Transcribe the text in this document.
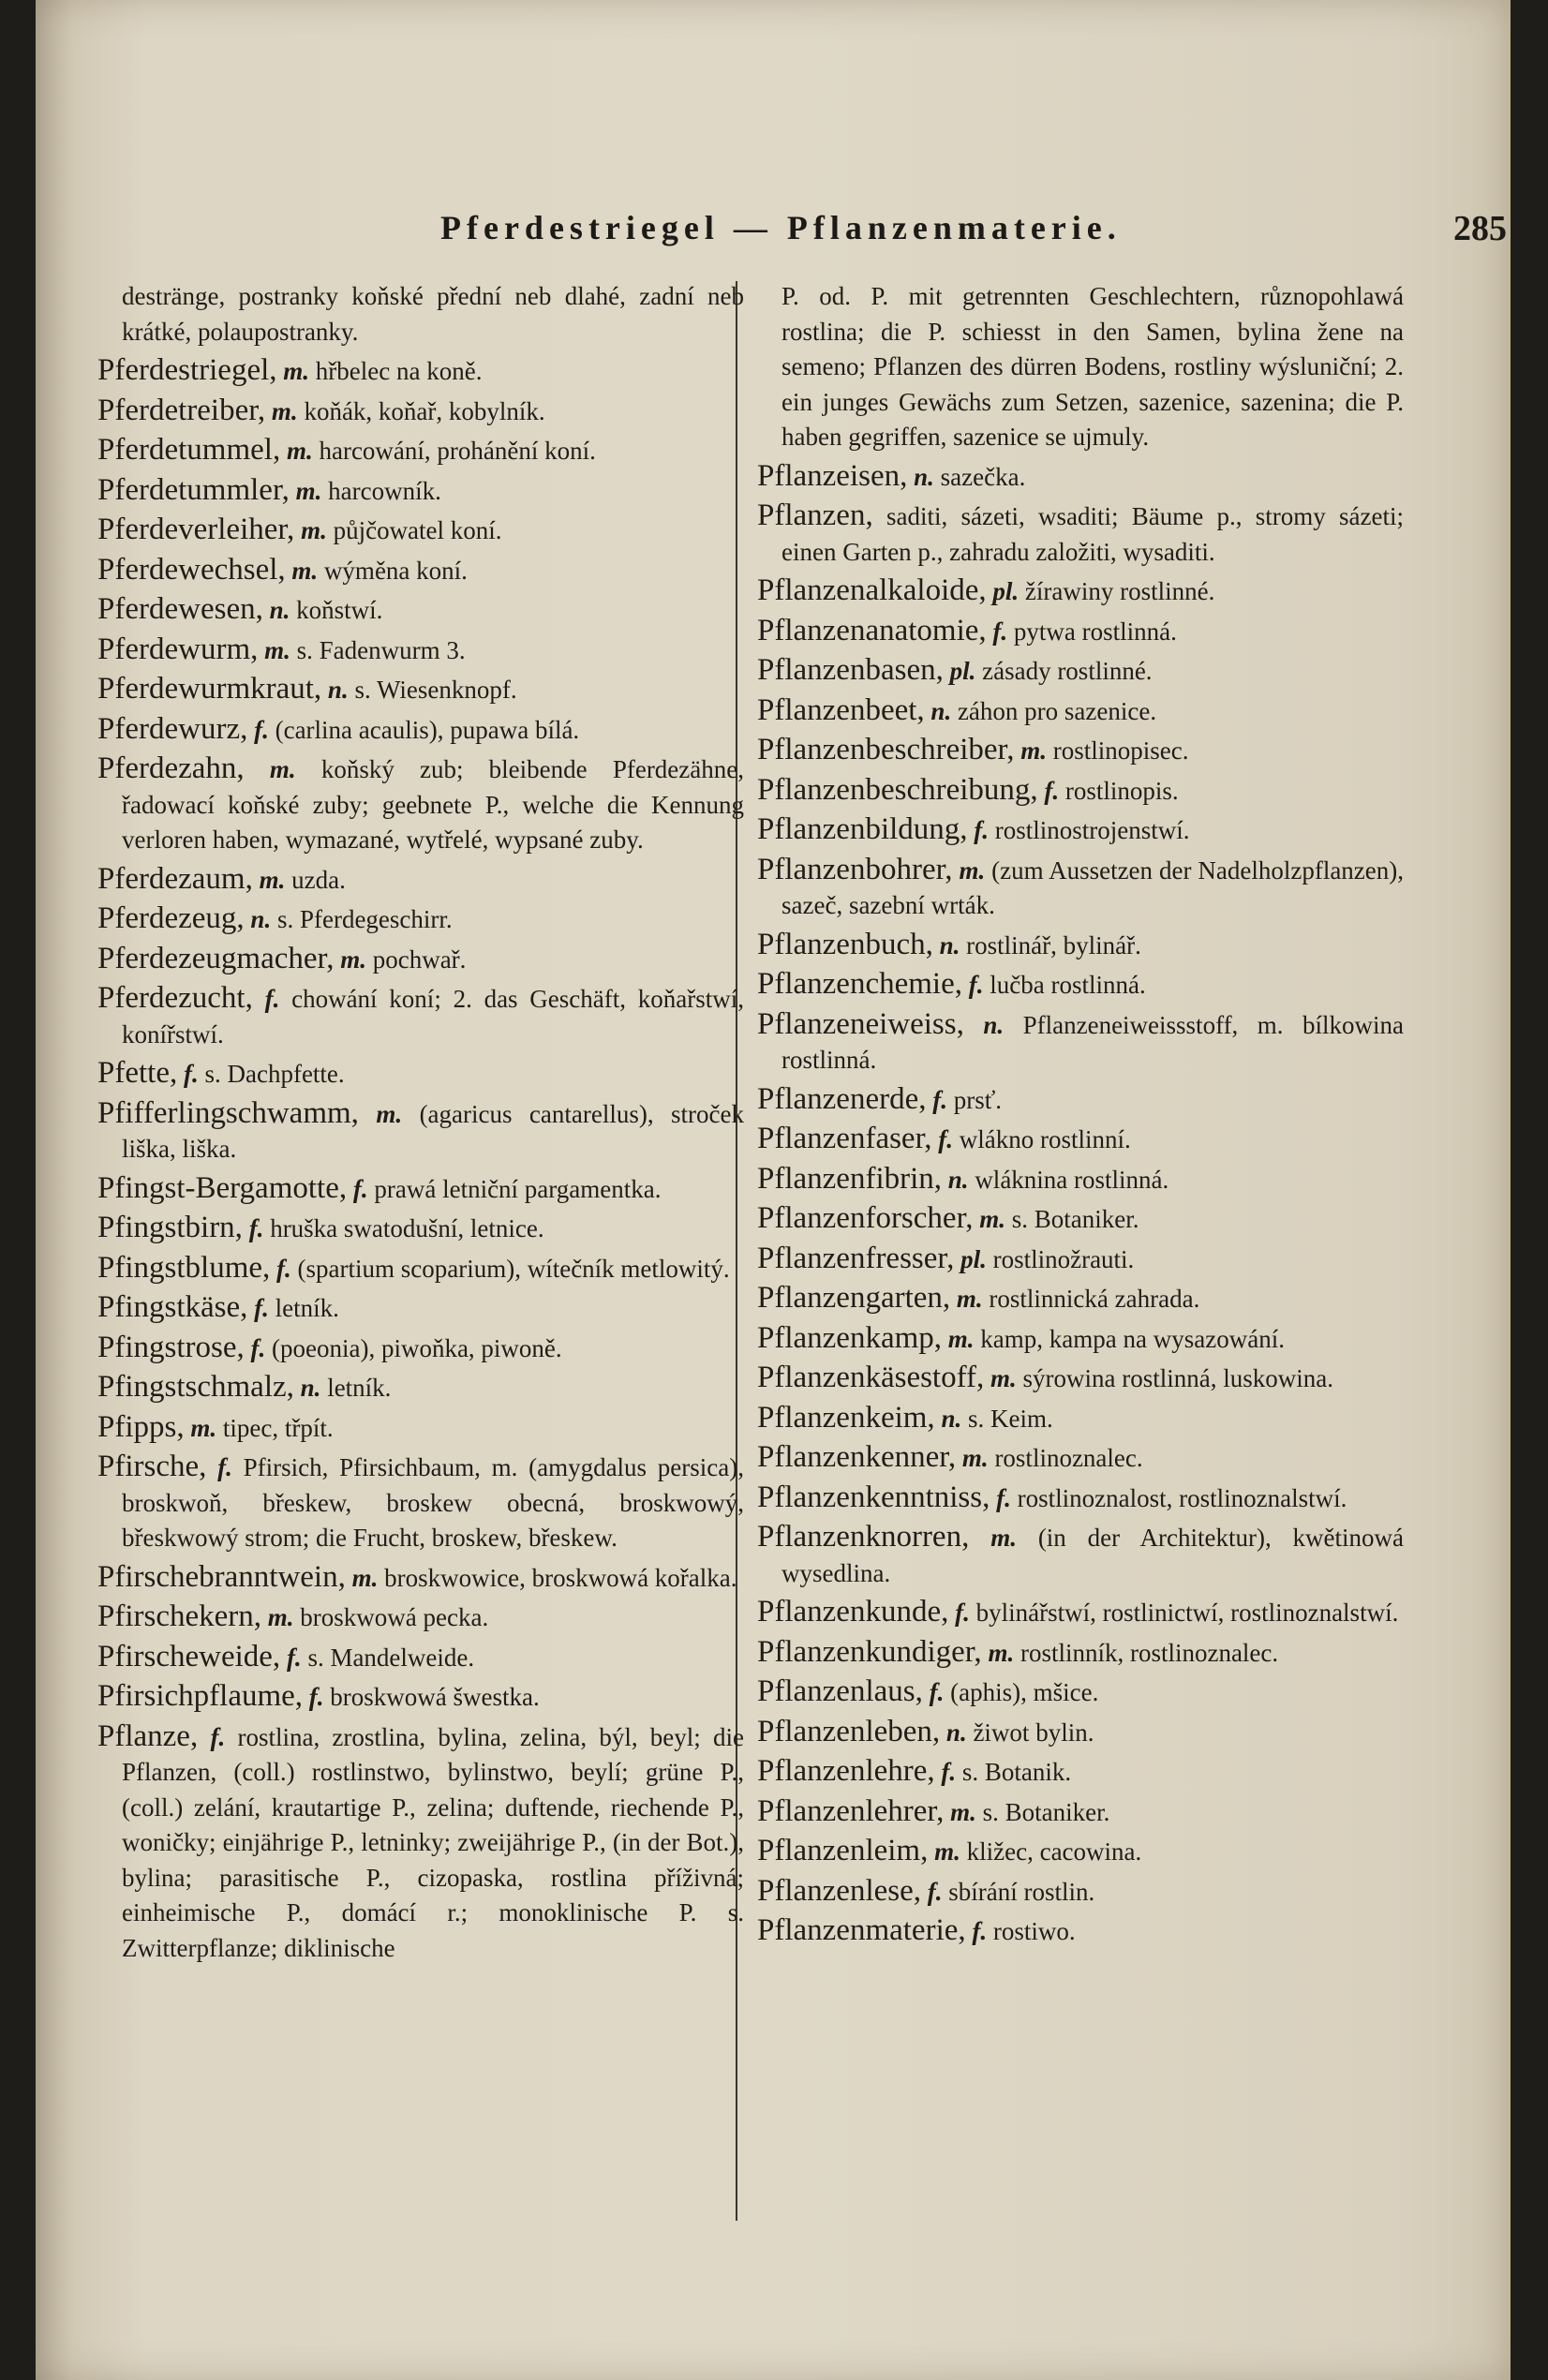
Pferdestriegel — Pflanzenmaterie.	285
destränge, postranky koňské přední neb dlahé, zadní neb krátké, polaupostranky.
Pferdestriegel, m. hřbelec na koně.
Pferdetreiber, m. koňák, koňař, kobylník.
Pferdetummel, m. harcowání, prohánění koní.
Pferdetummler, m. harcowník.
Pferdeverleiher, m. půjčowatel koní.
Pferdewechsel, m. wýměna koní.
Pferdewesen, n. koňstwí.
Pferdewurm, m. s. Fadenwurm 3.
Pferdewurmkraut, n. s. Wiesenknopf.
Pferdewurz, f. (carlina acaulis), pupawa bílá.
Pferdezahn, m. koňský zub; bleibende Pferdezähne, řadowací koňské zuby; geebnete P., welche die Kennung verloren haben, wymazané, wytřelé, wypsané zuby.
Pferdezaum, m. uzda.
Pferdezeug, n. s. Pferdegeschirr.
Pferdezeugmacher, m. pochwař.
Pferdezucht, f. chowání koní; 2. das Geschäft, koňařstwí, konířstwí.
Pfette, f. s. Dachpfette.
Pfifferlingschwamm, m. (agaricus cantarellus), stroček liška, liška.
Pfingst-Bergamotte, f. prawá letniční pargamentka.
Pfingstbirn, f. hruška swatodušní, letnice.
Pfingstblume, f. (spartium scoparium), wítečník metlowitý.
Pfingstkäse, f. letník.
Pfingstrose, f. (poeonia), piwoňka, piwoně.
Pfingstschmalz, n. letník.
Pfipps, m. tipec, třpít.
Pfirsche, f. Pfirsich, Pfirsichbaum, m. (amygdalus persica), broskwoň, břeskew, broskew obecná, broskwowý, břeskwowý strom; die Frucht, broskew, břeskew.
Pfirschebranntwein, m. broskwowice, broskwowá kořalka.
Pfirschekern, m. broskwowá pecka.
Pfirscheweide, f. s. Mandelweide.
Pfirsichpflaume, f. broskwowá šwestka.
Pflanze, f. rostlina, zrostlina, bylina, zelina, býl, beyl; die Pflanzen, (coll.) rostlinstwo, bylinstwo, beylí; grüne P., (coll.) zelání, krautartige P., zelina; duftende, riechende P., woničky; einjährige P., letninky; zweijährige P., (in der Bot.), bylina; parasitische P., cizopaska, rostlina příživná; einheimische P., domácí r.; monoklinische P. s. Zwitterpflanze; diklinische
P. od. P. mit getrennten Geschlechtern, různopohlawá rostlina; die P. schiesst in den Samen, bylina žene na semeno; Pflanzen des dürren Bodens, rostliny wýsluniční; 2. ein junges Gewächs zum Setzen, sazenice, sazenina; die P. haben gegriffen, sazenice se ujmuly.
Pflanzeisen, n. sazečka.
Pflanzen, saditi, sázeti, wsaditi; Bäume p., stromy sázeti; einen Garten p., zahradu založiti, wysaditi.
Pflanzenalkaloide, pl. žírawiny rostlinné.
Pflanzenanatomie, f. pytwa rostlinná.
Pflanzenbasen, pl. zásady rostlinné.
Pflanzenbeet, n. záhon pro sazenice.
Pflanzenbeschreiber, m. rostlinopisec.
Pflanzenbeschreibung, f. rostlinopis.
Pflanzenbildung, f. rostlinostrojenstwí.
Pflanzenbohrer, m. (zum Aussetzen der Nadelholzpflanzen), sazeč, sazební wrták.
Pflanzenbuch, n. rostlinář, bylinář.
Pflanzenchemie, f. lučba rostlinná.
Pflanzeneiweiss, n. Pflanzeneiweissstoff, m. bílkowina rostlinná.
Pflanzenerde, f. prsť.
Pflanzenfaser, f. wlákno rostlinní.
Pflanzenfibrin, n. wláknina rostlinná.
Pflanzenforscher, m. s. Botaniker.
Pflanzenfresser, pl. rostlinožrauti.
Pflanzengarten, m. rostlinnická zahrada.
Pflanzenkamp, m. kamp, kampa na wysazowání.
Pflanzenkäsestoff, m. sýrowina rostlinná, luskowina.
Pflanzenkeim, n. s. Keim.
Pflanzenkenner, m. rostlinoznalec.
Pflanzenkenntniss, f. rostlinoznalost, rostlinoznalstwí.
Pflanzenknorren, m. (in der Architektur), kwětinowá wysedlina.
Pflanzenkunde, f. bylinářstwí, rostlinictwí, rostlinoznalstwí.
Pflanzenkundiger, m. rostlinník, rostlinoznalec.
Pflanzenlaus, f. (aphis), mšice.
Pflanzenleben, n. žiwot bylin.
Pflanzenlehre, f. s. Botanik.
Pflanzenlehrer, m. s. Botaniker.
Pflanzenleim, m. kližec, cacowina.
Pflanzenlese, f. sbírání rostlin.
Pflanzenmaterie, f. rostiwo.
